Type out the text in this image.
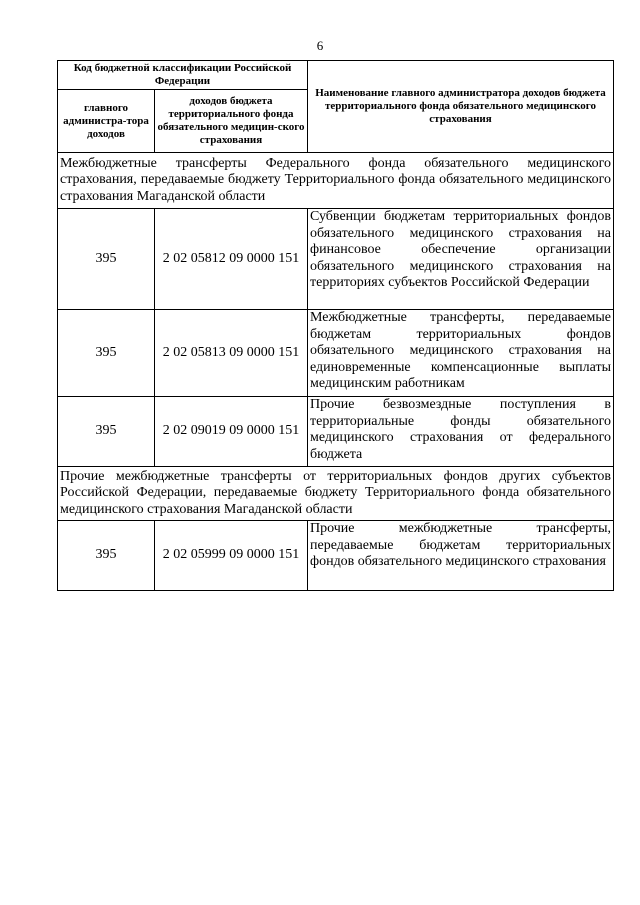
6
Код бюджетной классификации Российской Федерации		Наименование главного администратора доходов бюджета территориального фонда обязательного медицинского страхования
главного администра-тора доходов	доходов бюджета территориального фонда обязательного медицин-ского страхования	
Межбюджетные трансферты Федерального фонда обязательного медицинского страхования, передаваемые бюджету Территориального фонда обязательного медицинского страхования Магаданской области		
395	2 02 05812 09 0000 151	Субвенции бюджетам территориальных фондов обязательного медицинского страхования на финансовое обеспечение организации обязательного медицинского страхования на территориях субъектов Российской Федерации
395	2 02 05813 09 0000 151	Межбюджетные трансферты, передаваемые бюджетам территориальных фондов обязательного медицинского страхования на единовременные компенсационные выплаты медицинским работникам
395	2 02 09019 09 0000 151	Прочие безвозмездные поступления в территориальные фонды обязательного медицинского страхования от федерального бюджета
Прочие межбюджетные трансферты от территориальных фондов других субъектов Российской Федерации, передаваемые бюджету Территориального фонда обязательного медицинского страхования Магаданской области		
395	2 02 05999 09 0000 151	Прочие межбюджетные трансферты, передаваемые бюджетам территориальных фондов обязательного медицинского страхования
